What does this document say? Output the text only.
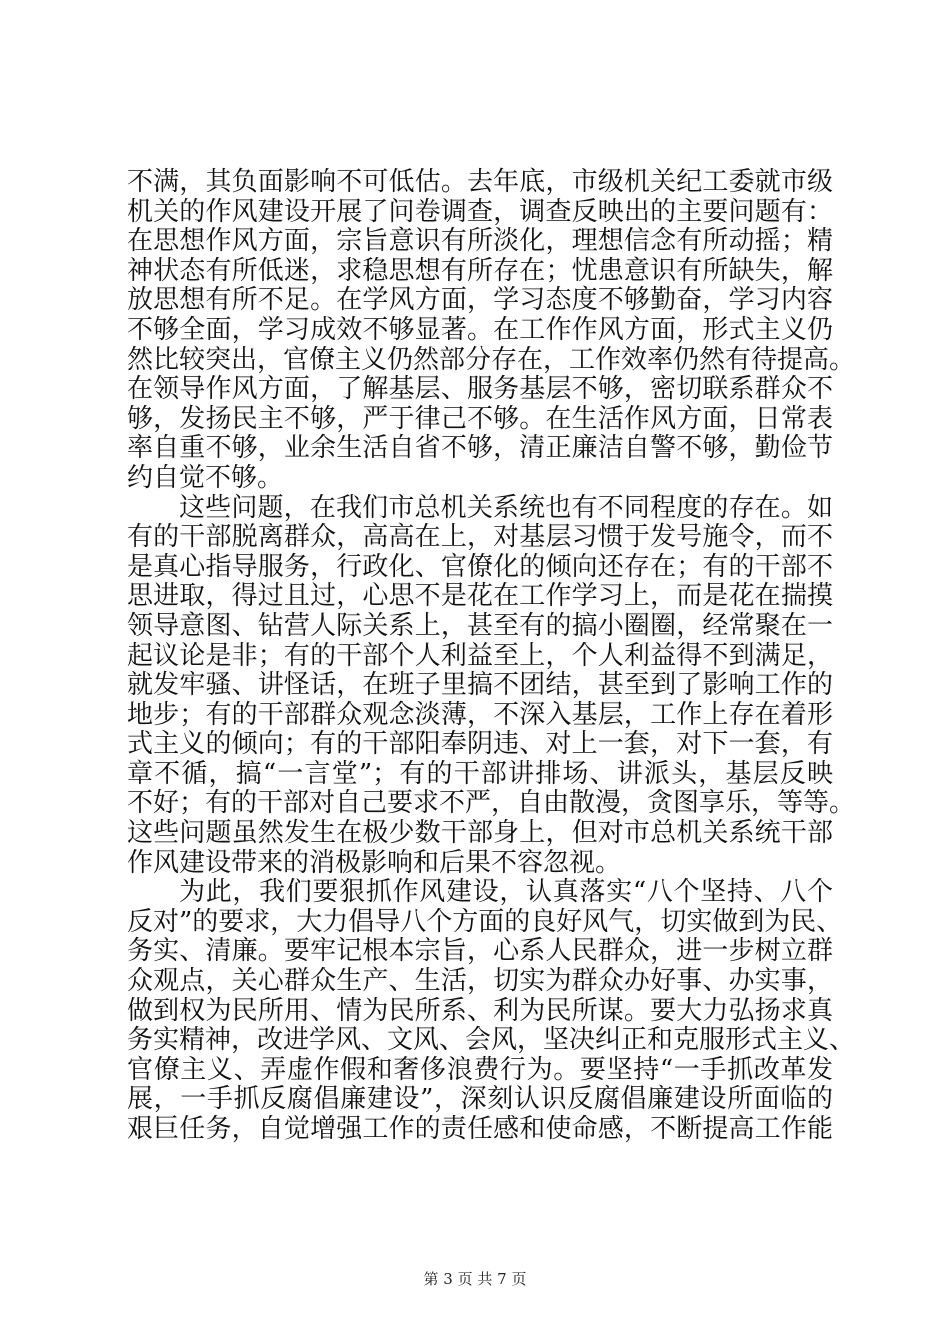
不满，其负面影响不可低估。去年底，市级机关纪工委就市级
机关的作风建设开展了问卷调查，调查反映出的主要问题有：
在思想作风方面，宗旨意识有所淡化，理想信念有所动摇；精
神状态有所低迷，求稳思想有所存在；忧患意识有所缺失，解
放思想有所不足。在学风方面，学习态度不够勤奋，学习内容
不够全面，学习成效不够显著。在工作作风方面，形式主义仍
然比较突出，官僚主义仍然部分存在，工作效率仍然有待提高。
在领导作风方面，了解基层、服务基层不够，密切联系群众不
够，发扬民主不够，严于律己不够。在生活作风方面，日常表
率自重不够，业余生活自省不够，清正廉洁自警不够，勤俭节
约自觉不够。
这些问题，在我们市总机关系统也有不同程度的存在。如
有的干部脱离群众，高高在上，对基层习惯于发号施令，而不
是真心指导服务，行政化、官僚化的倾向还存在；有的干部不
思进取，得过且过，心思不是花在工作学习上，而是花在揣摸
领导意图、钻营人际关系上，甚至有的搞小圈圈，经常聚在一
起议论是非；有的干部个人利益至上，个人利益得不到满足，
就发牢骚、讲怪话，在班子里搞不团结，甚至到了影响工作的
地步；有的干部群众观念淡薄，不深入基层，工作上存在着形
式主义的倾向；有的干部阳奉阴违、对上一套，对下一套，有
章不循，搞“一言堂”；有的干部讲排场、讲派头，基层反映
不好；有的干部对自己要求不严，自由散漫，贪图享乐，等等。
这些问题虽然发生在极少数干部身上，但对市总机关系统干部
作风建设带来的消极影响和后果不容忽视。
为此，我们要狠抓作风建设，认真落实“八个坚持、八个
反对”的要求，大力倡导八个方面的良好风气，切实做到为民、
务实、清廉。要牢记根本宗旨，心系人民群众，进一步树立群
众观点，关心群众生产、生活，切实为群众办好事、办实事，
做到权为民所用、情为民所系、利为民所谋。要大力弘扬求真
务实精神，改进学风、文风、会风，坚决纠正和克服形式主义、
官僚主义、弄虚作假和奢侈浪费行为。要坚持“一手抓改革发
展，一手抓反腐倡廉建设”，深刻认识反腐倡廉建设所面临的
艰巨任务，自觉增强工作的责任感和使命感，不断提高工作能
第 3 页 共 7 页
